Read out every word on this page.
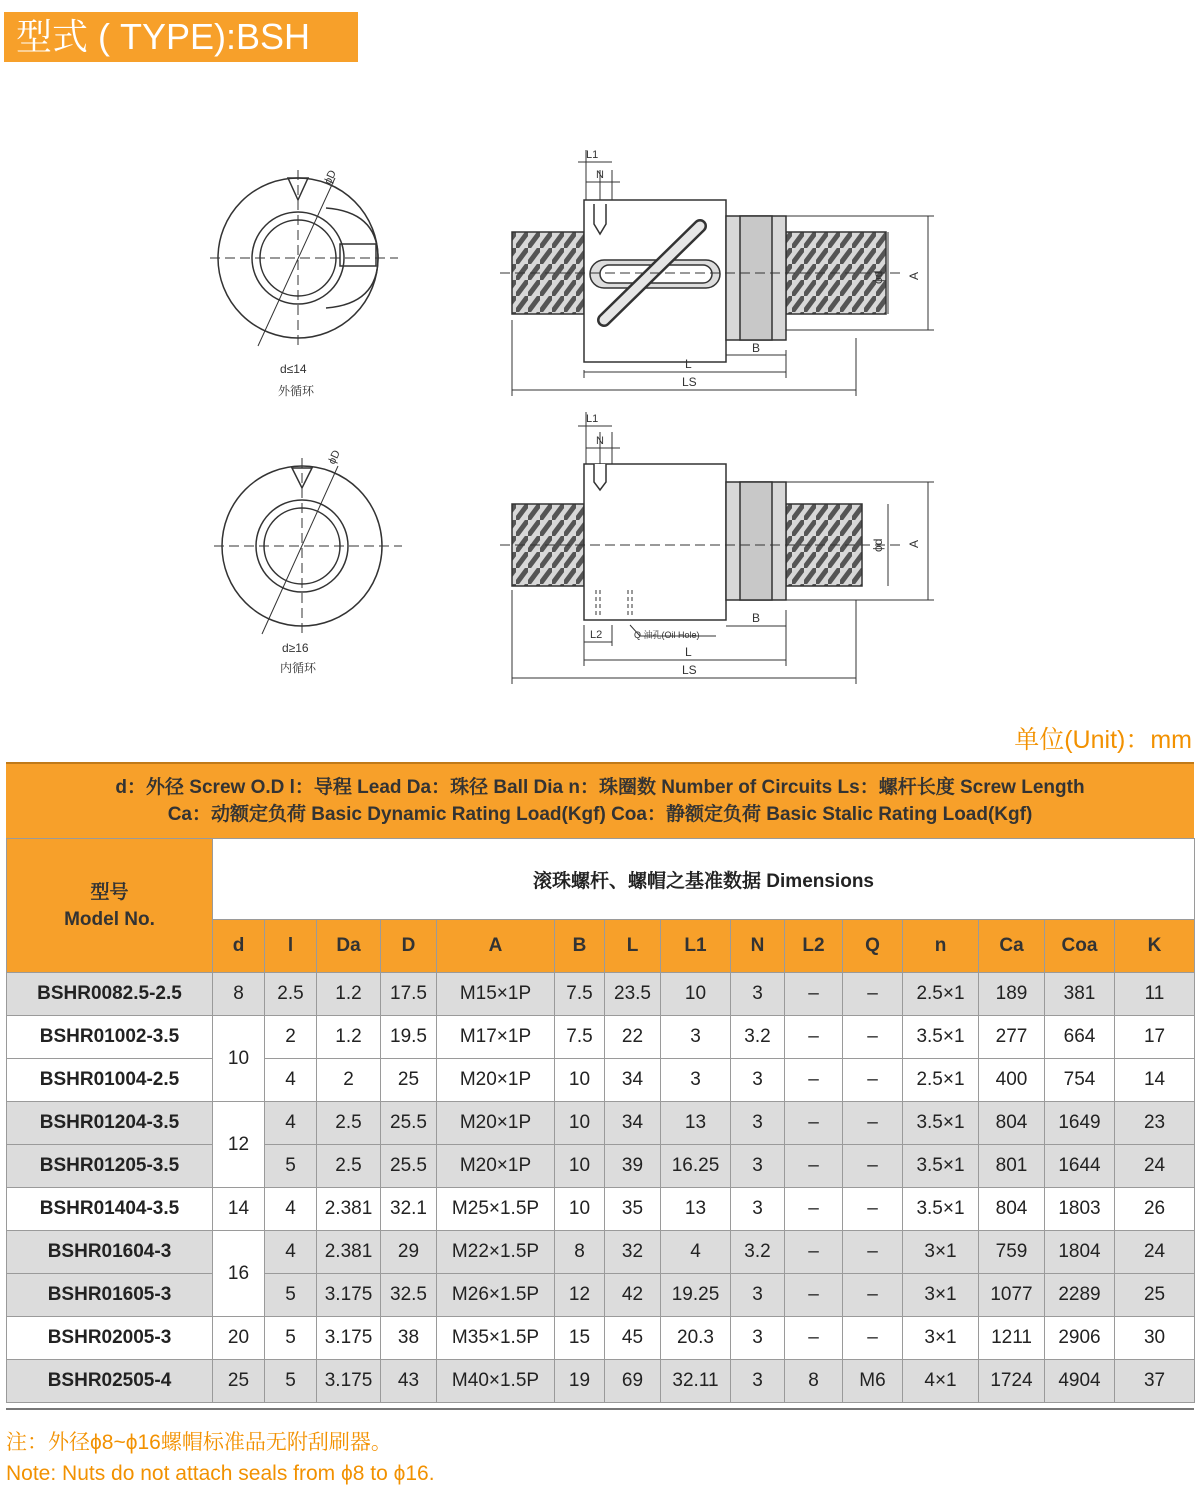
型式 ( TYPE):BSH
ϕD
d≤14
外循环
L1
N
B
L
LS
ϕd A
ϕD
d≥16
内循环
L1
N
L2	Q 油孔(Oil Hole)
B
L
LS
ϕd A
单位(Unit)：mm
d：外径 Screw O.D l：导程 Lead Da：珠径 Ball Dia n：珠圈数 Number of Circuits Ls：螺杆长度 Screw Length
Ca：动额定负荷 Basic Dynamic Rating Load(Kgf) Coa：静额定负荷 Basic Stalic Rating Load(Kgf)
型号
Model No.	滚珠螺杆、螺帽之基准数据 Dimensions														
	d	l	Da	D	A	B	L	L1	N	L2	Q	n	Ca	Coa	K
BSHR0082.5-2.5	8	2.5	1.2	17.5	M15×1P	7.5	23.5	10	3	–	–	2.5×1	189	381	11
BSHR01002-3.5	10	2	1.2	19.5	M17×1P	7.5	22	3	3.2	–	–	3.5×1	277	664	17
BSHR01004-2.5		4	2	25	M20×1P	10	34	3	3	–	–	2.5×1	400	754	14
BSHR01204-3.5	12	4	2.5	25.5	M20×1P	10	34	13	3	–	–	3.5×1	804	1649	23
BSHR01205-3.5		5	2.5	25.5	M20×1P	10	39	16.25	3	–	–	3.5×1	801	1644	24
BSHR01404-3.5	14	4	2.381	32.1	M25×1.5P	10	35	13	3	–	–	3.5×1	804	1803	26
BSHR01604-3	16	4	2.381	29	M22×1.5P	8	32	4	3.2	–	–	3×1	759	1804	24
BSHR01605-3		5	3.175	32.5	M26×1.5P	12	42	19.25	3	–	–	3×1	1077	2289	25
BSHR02005-3	20	5	3.175	38	M35×1.5P	15	45	20.3	3	–	–	3×1	1211	2906	30
BSHR02505-4	25	5	3.175	43	M40×1.5P	19	69	32.11	3	8	M6	4×1	1724	4904	37
注：外径ϕ8~ϕ16螺帽标准品无附刮刷器。
Note: Nuts do not attach seals from ϕ8 to ϕ16.
